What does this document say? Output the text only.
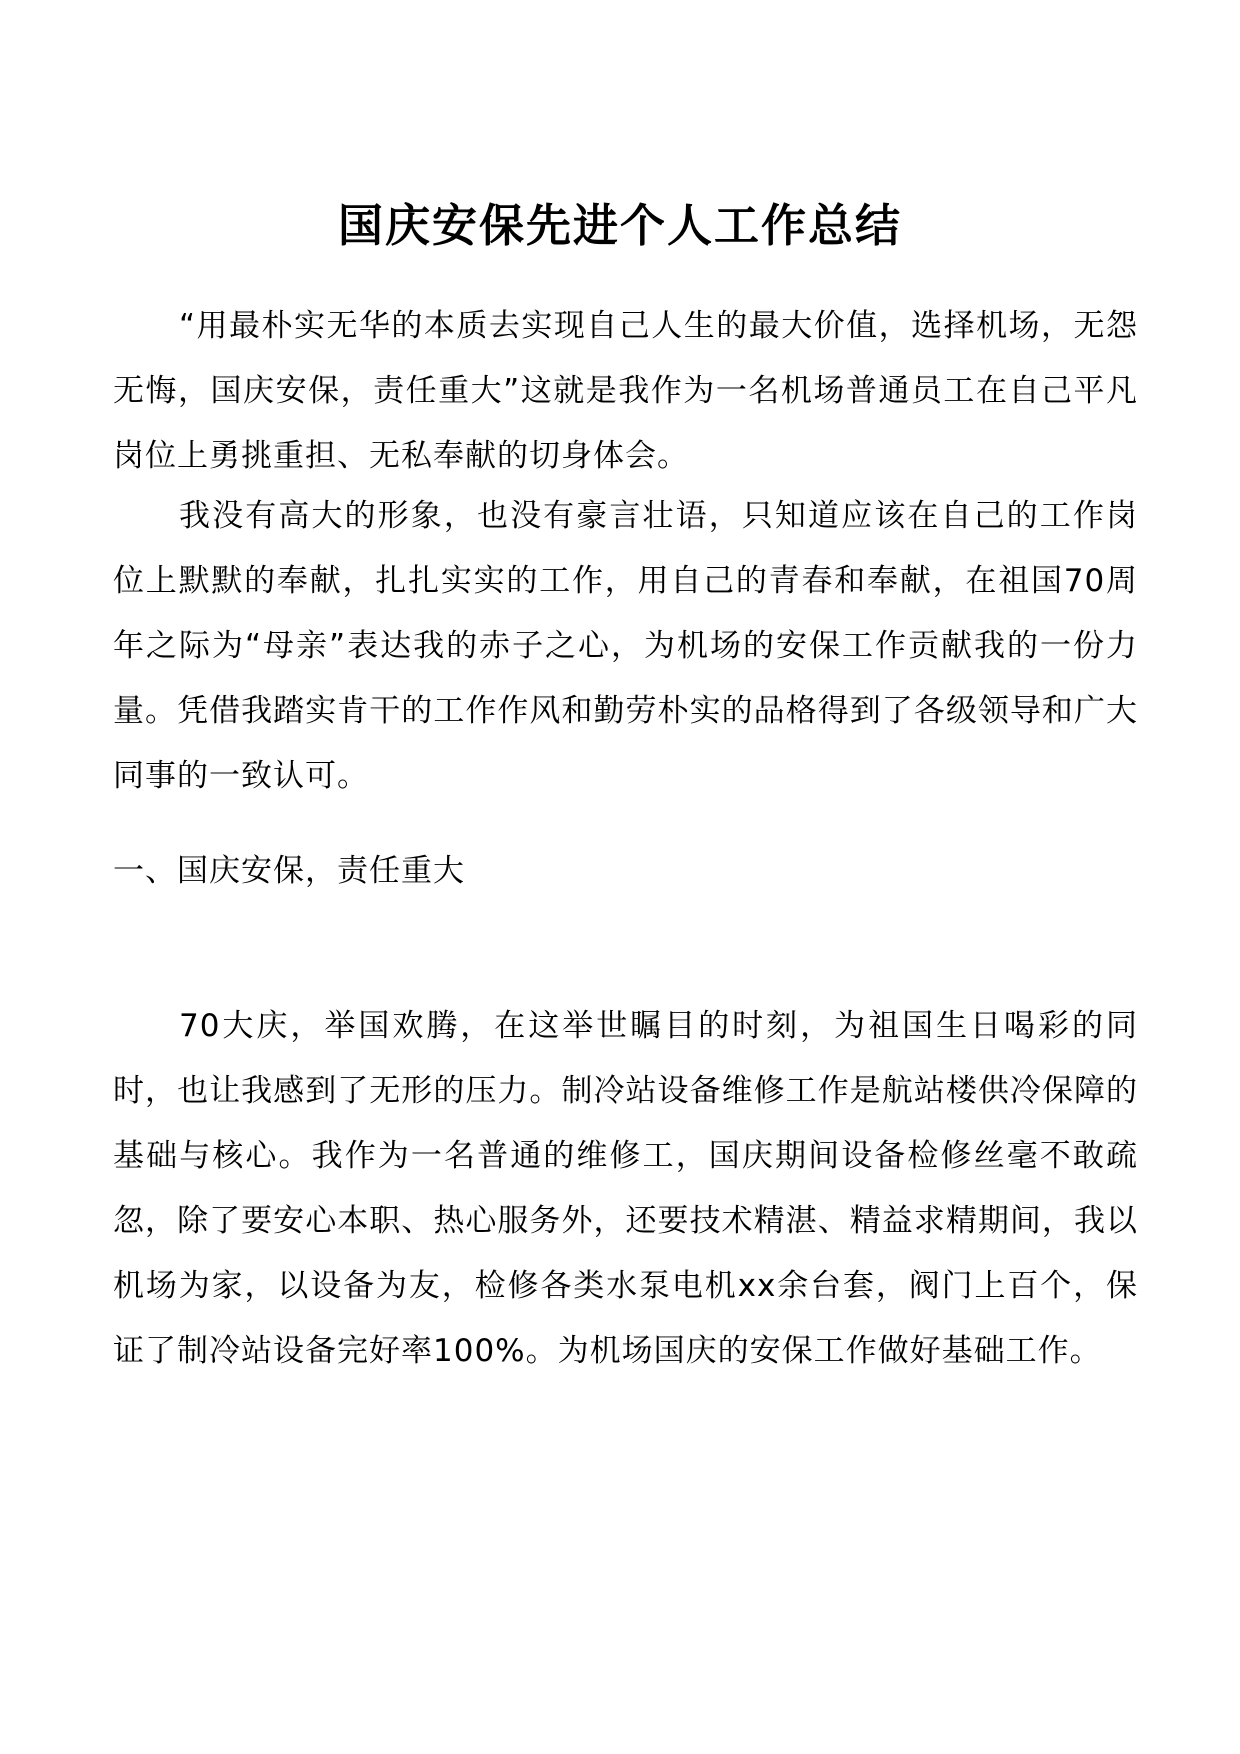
国庆安保先进个人工作总结

“用最朴实无华的本质去实现自己人生的最大价值，选择机场，无怨无悔，国庆安保，责任重大”这就是我作为一名机场普通员工在自己平凡岗位上勇挑重担、无私奉献的切身体会。

我没有高大的形象，也没有豪言壮语，只知道应该在自己的工作岗位上默默的奉献，扎扎实实的工作，用自己的青春和奉献，在祖国70周年之际为“母亲”表达我的赤子之心，为机场的安保工作贡献我的一份力量。凭借我踏实肯干的工作作风和勤劳朴实的品格得到了各级领导和广大同事的一致认可。

一、国庆安保，责任重大

70大庆，举国欢腾，在这举世瞩目的时刻，为祖国生日喝彩的同时，也让我感到了无形的压力。制冷站设备维修工作是航站楼供冷保障的基础与核心。我作为一名普通的维修工，国庆期间设备检修丝毫不敢疏忽，除了要安心本职、热心服务外，还要技术精湛、精益求精期间，我以机场为家，以设备为友，检修各类水泵电机xx余台套，阀门上百个，保证了制冷站设备完好率100%。为机场国庆的安保工作做好基础工作。
